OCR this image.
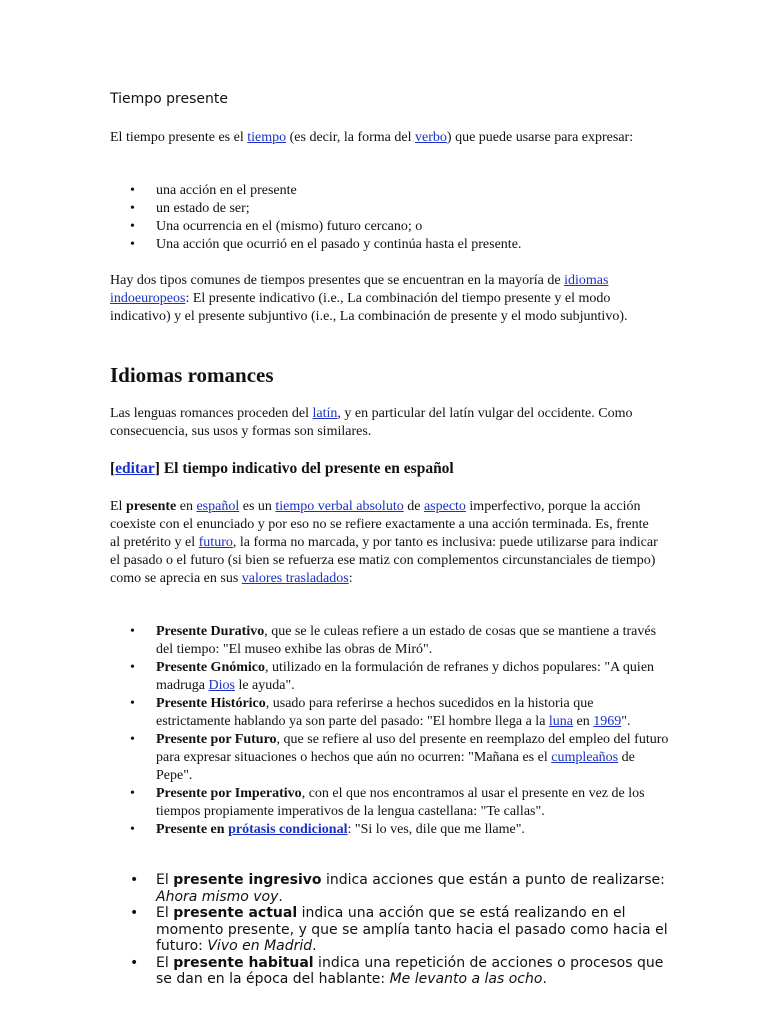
Tiempo presente
El tiempo presente es el tiempo (es decir, la forma del verbo) que puede usarse para expresar:
• una acción en el presente
• un estado de ser;
• Una ocurrencia en el (mismo) futuro cercano; o
• Una acción que ocurrió en el pasado y continúa hasta el presente.
Hay dos tipos comunes de tiempos presentes que se encuentran en la mayoría de idiomas indoeuropeos: El presente indicativo (i.e., La combinación del tiempo presente y el modo indicativo) y el presente subjuntivo (i.e., La combinación de presente y el modo subjuntivo).
Idiomas romances
Las lenguas romances proceden del latín, y en particular del latín vulgar del occidente. Como consecuencia, sus usos y formas son similares.
[editar] El tiempo indicativo del presente en español
El presente en español es un tiempo verbal absoluto de aspecto imperfectivo, porque la acción coexiste con el enunciado y por eso no se refiere exactamente a una acción terminada. Es, frente al pretérito y el futuro, la forma no marcada, y por tanto es inclusiva: puede utilizarse para indicar el pasado o el futuro (si bien se refuerza ese matiz con complementos circunstanciales de tiempo) como se aprecia en sus valores trasladados:
• Presente Durativo, que se le culeas refiere a un estado de cosas que se mantiene a través del tiempo: "El museo exhibe las obras de Miró".
• Presente Gnómico, utilizado en la formulación de refranes y dichos populares: "A quien madruga Dios le ayuda".
• Presente Histórico, usado para referirse a hechos sucedidos en la historia que estrictamente hablando ya son parte del pasado: "El hombre llega a la luna en 1969".
• Presente por Futuro, que se refiere al uso del presente en reemplazo del empleo del futuro para expresar situaciones o hechos que aún no ocurren: "Mañana es el cumpleaños de Pepe".
• Presente por Imperativo, con el que nos encontramos al usar el presente en vez de los tiempos propiamente imperativos de la lengua castellana: "Te callas".
• Presente en prótasis condicional: "Si lo ves, dile que me llame".
• El presente ingresivo indica acciones que están a punto de realizarse: Ahora mismo voy.
• El presente actual indica una acción que se está realizando en el momento presente, y que se amplía tanto hacia el pasado como hacia el futuro: Vivo en Madrid.
• El presente habitual indica una repetición de acciones o procesos que se dan en la época del hablante: Me levanto a las ocho.
